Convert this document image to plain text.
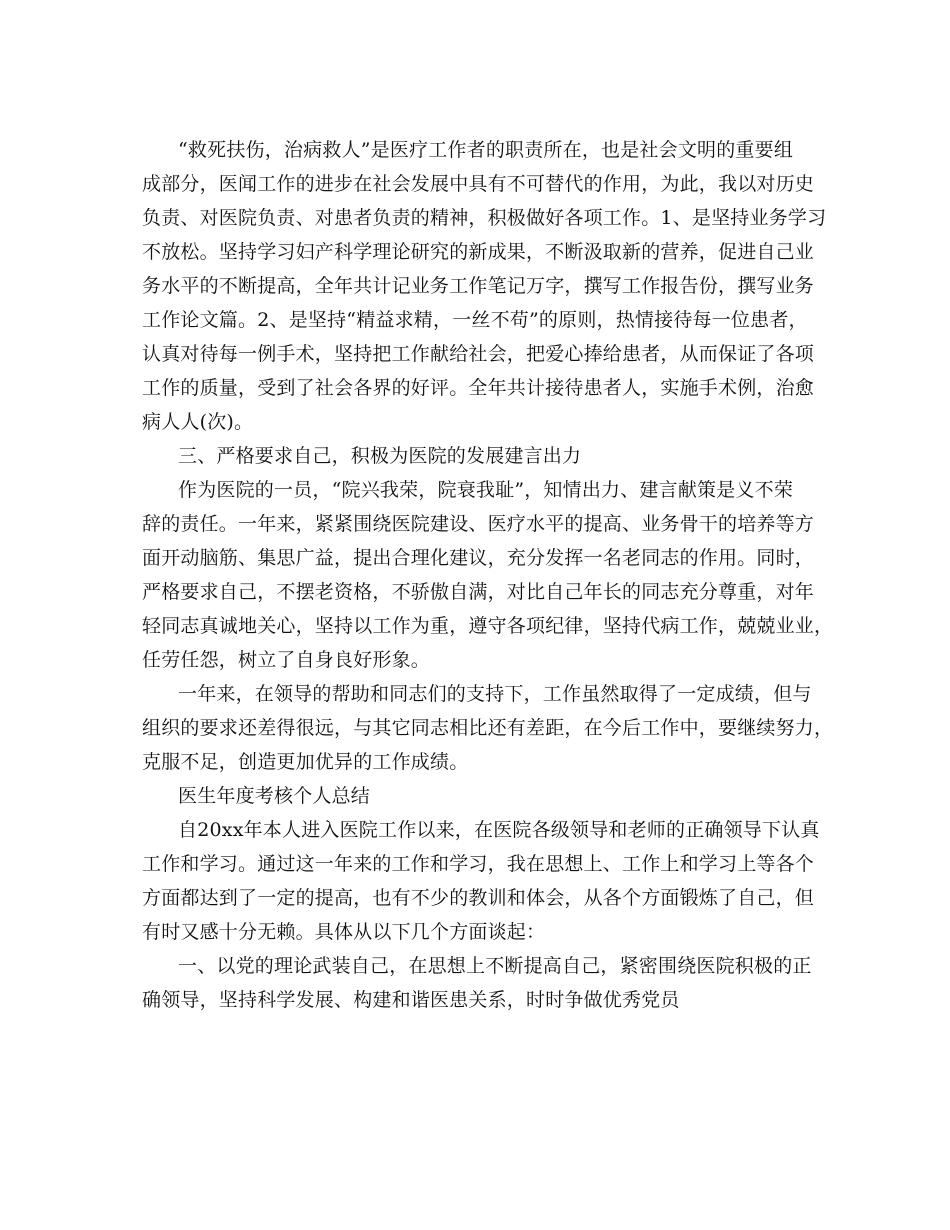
“救死扶伤，治病救人”是医疗工作者的职责所在，也是社会文明的重要组
成部分，医闻工作的进步在社会发展中具有不可替代的作用，为此，我以对历史
负责、对医院负责、对患者负责的精神，积极做好各项工作。1、是坚持业务学习
不放松。坚持学习妇产科学理论研究的新成果，不断汲取新的营养，促进自己业
务水平的不断提高，全年共计记业务工作笔记万字，撰写工作报告份，撰写业务
工作论文篇。2、是坚持“精益求精，一丝不苟”的原则，热情接待每一位患者，
认真对待每一例手术，坚持把工作献给社会，把爱心捧给患者，从而保证了各项
工作的质量，受到了社会各界的好评。全年共计接待患者人，实施手术例，治愈
病人人(次)。
三、严格要求自己，积极为医院的发展建言出力
作为医院的一员，“院兴我荣，院衰我耻”，知情出力、建言献策是义不荣
辞的责任。一年来，紧紧围绕医院建设、医疗水平的提高、业务骨干的培养等方
面开动脑筋、集思广益，提出合理化建议，充分发挥一名老同志的作用。同时，
严格要求自己，不摆老资格，不骄傲自满，对比自己年长的同志充分尊重，对年
轻同志真诚地关心，坚持以工作为重，遵守各项纪律，坚持代病工作，兢兢业业，
任劳任怨，树立了自身良好形象。
一年来，在领导的帮助和同志们的支持下，工作虽然取得了一定成绩，但与
组织的要求还差得很远，与其它同志相比还有差距，在今后工作中，要继续努力，
克服不足，创造更加优异的工作成绩。
医生年度考核个人总结
自20xx年本人进入医院工作以来，在医院各级领导和老师的正确领导下认真
工作和学习。通过这一年来的工作和学习，我在思想上、工作上和学习上等各个
方面都达到了一定的提高，也有不少的教训和体会，从各个方面锻炼了自己，但
有时又感十分无赖。具体从以下几个方面谈起：
一、以党的理论武装自己，在思想上不断提高自己，紧密围绕医院积极的正
确领导，坚持科学发展、构建和谐医患关系，时时争做优秀党员
